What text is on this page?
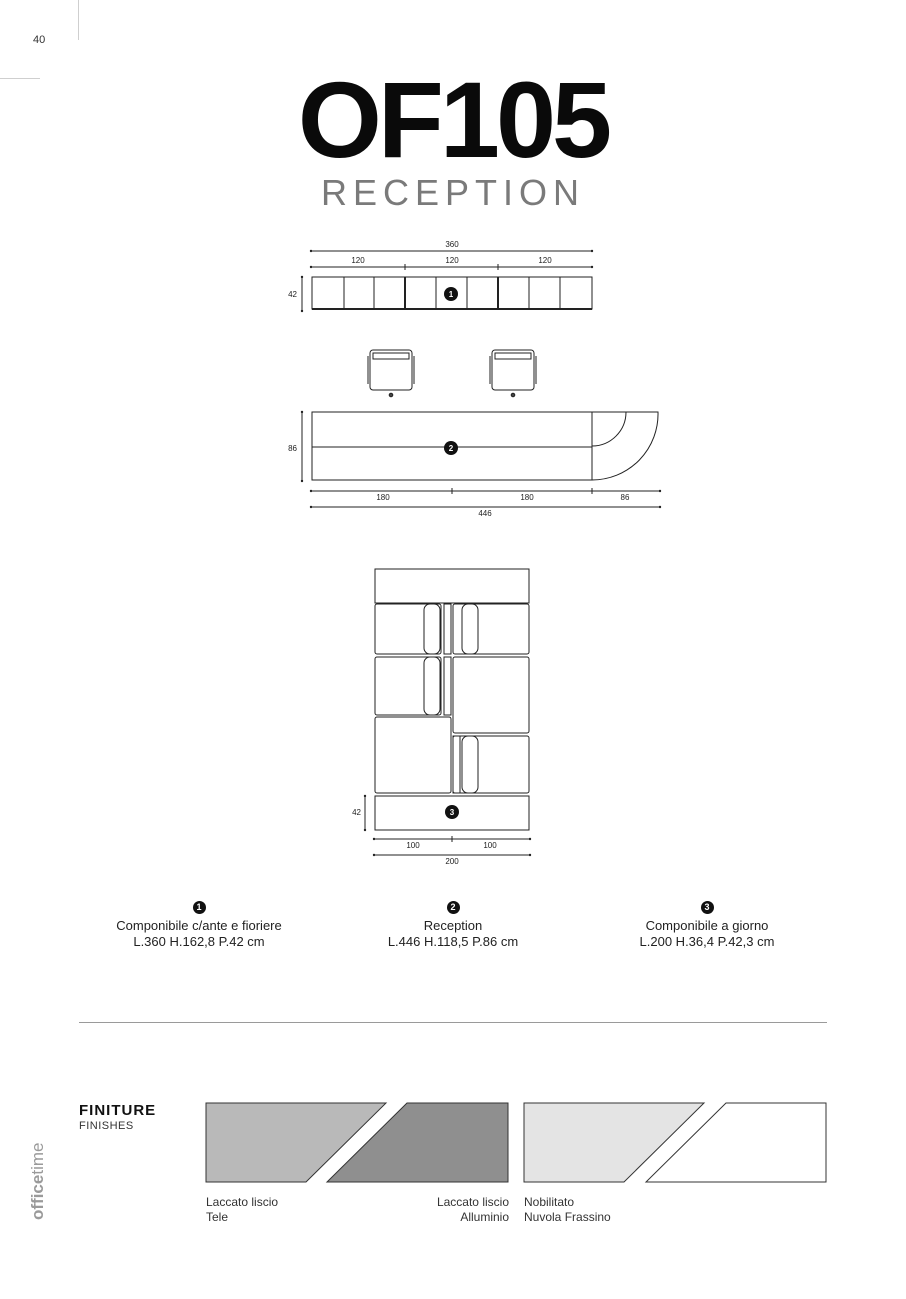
40
OF105
RECEPTION
360
120	120	120
42	1
86
180	180	86
446
2
42
100	100
200
3
1
Componibile c/ante e fioriere
L.360 H.162,8 P.42 cm
2
Reception
L.446 H.118,5 P.86 cm
3
Componibile a giorno
L.200 H.36,4 P.42,3 cm
FINITURE
FINISHES
Laccato liscio
Tele
Laccato liscio
Alluminio
Nobilitato
Nuvola Frassino
officetime
